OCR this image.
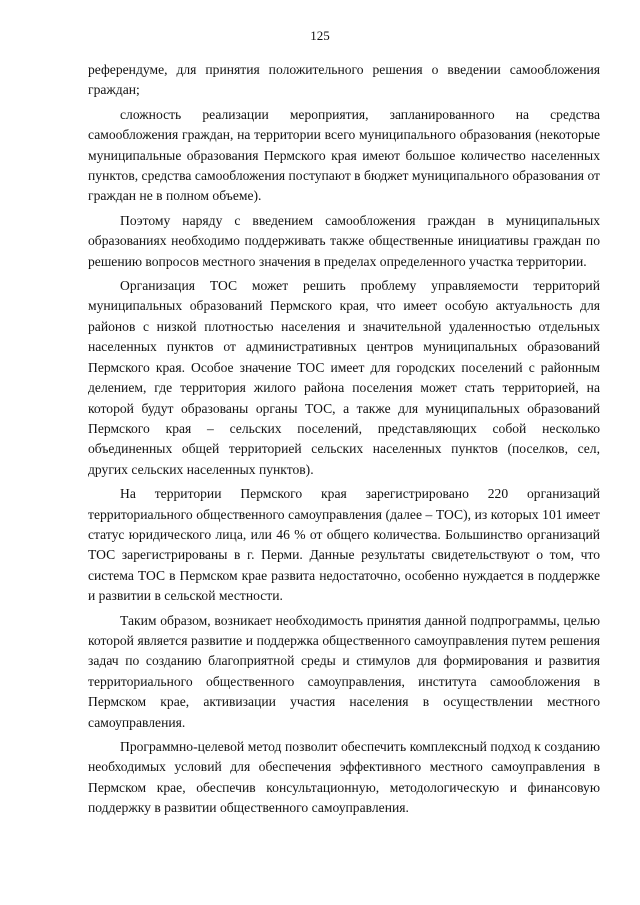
125

референдуме, для принятия положительного решения о введении самообложения граждан;

сложность реализации мероприятия, запланированного на средства самообложения граждан, на территории всего муниципального образования (некоторые муниципальные образования Пермского края имеют большое количество населенных пунктов, средства самообложения поступают в бюджет муниципального образования от граждан не в полном объеме).

Поэтому наряду с введением самообложения граждан в муниципальных образованиях необходимо поддерживать также общественные инициативы граждан по решению вопросов местного значения в пределах определенного участка территории.

Организация ТОС может решить проблему управляемости территорий муниципальных образований Пермского края, что имеет особую актуальность для районов с низкой плотностью населения и значительной удаленностью отдельных населенных пунктов от административных центров муниципальных образований Пермского края. Особое значение ТОС имеет для городских поселений с районным делением, где территория жилого района поселения может стать территорией, на которой будут образованы органы ТОС, а также для муниципальных образований Пермского края – сельских поселений, представляющих собой несколько объединенных общей территорией сельских населенных пунктов (поселков, сел, других сельских населенных пунктов).

На территории Пермского края зарегистрировано 220 организаций территориального общественного самоуправления (далее – ТОС), из которых 101 имеет статус юридического лица, или 46 % от общего количества. Большинство организаций ТОС зарегистрированы в г. Перми. Данные результаты свидетельствуют о том, что система ТОС в Пермском крае развита недостаточно, особенно нуждается в поддержке и развитии в сельской местности.

Таким образом, возникает необходимость принятия данной подпрограммы, целью которой является развитие и поддержка общественного самоуправления путем решения задач по созданию благоприятной среды и стимулов для формирования и развития территориального общественного самоуправления, института самообложения в Пермском крае, активизации участия населения в осуществлении местного самоуправления.

Программно-целевой метод позволит обеспечить комплексный подход к созданию необходимых условий для обеспечения эффективного местного самоуправления в Пермском крае, обеспечив консультационную, методологическую и финансовую поддержку в развитии общественного самоуправления.
